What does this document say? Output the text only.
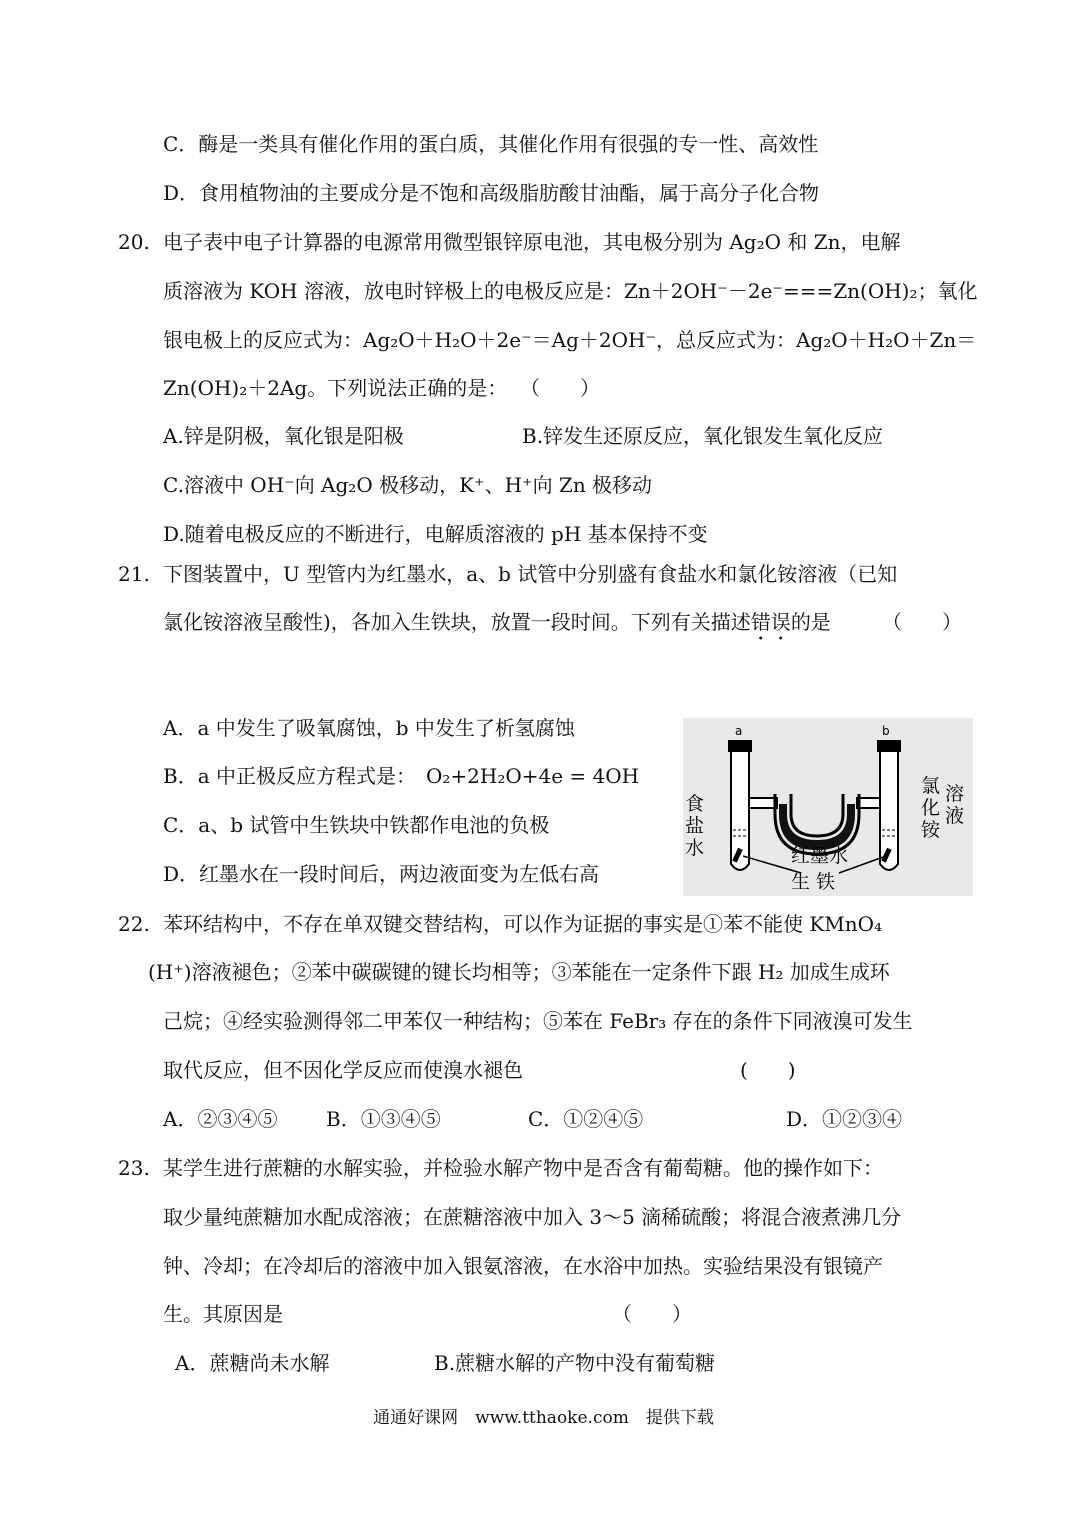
C．酶是一类具有催化作用的蛋白质，其催化作用有很强的专一性、高效性
D．食用植物油的主要成分是不饱和高级脂肪酸甘油酯，属于高分子化合物
20. 电子表中电子计算器的电源常用微型银锌原电池，其电极分别为 Ag₂O 和 Zn，电解
质溶液为 KOH 溶液，放电时锌极上的电极反应是：Zn＋2OH⁻－2e⁻===Zn(OH)₂；氧化
银电极上的反应式为：Ag₂O＋H₂O＋2e⁻＝Ag＋2OH⁻，总反应式为：Ag₂O＋H₂O＋Zn＝
Zn(OH)₂＋2Ag。下列说法正确的是： （　　）
A.锌是阴极，氧化银是阳极	B.锌发生还原反应，氧化银发生氧化反应
C.溶液中 OH⁻向 Ag₂O 极移动，K⁺、H⁺向 Zn 极移动
D.随着电极反应的不断进行，电解质溶液的 pH 基本保持不变
21. 下图装置中，U 型管内为红墨水，a、b 试管中分别盛有食盐水和氯化铵溶液（已知
氯化铵溶液呈酸性)，各加入生铁块，放置一段时间。下列有关描述错误的是	（　　）
A．a 中发生了吸氧腐蚀，b 中发生了析氢腐蚀
B．a 中正极反应方程式是：　O₂+2H₂O+4e = 4OH
C．a、b 试管中生铁块中铁都作电池的负极
D．红墨水在一段时间后，两边液面变为左低右高
a	b
食
盐
水
氯
化
铵
溶
液
红墨水
生 铁
22. 苯环结构中，不存在单双键交替结构，可以作为证据的事实是①苯不能使 KMnO₄
(H⁺)溶液褪色；②苯中碳碳键的键长均相等；③苯能在一定条件下跟 H₂ 加成生成环
己烷；④经实验测得邻二甲苯仅一种结构；⑤苯在 FeBr₃ 存在的条件下同液溴可发生
取代反应，但不因化学反应而使溴水褪色	(　　)
A．②③④⑤ B．①③④⑤	C．①②④⑤	D．①②③④
23. 某学生进行蔗糖的水解实验，并检验水解产物中是否含有葡萄糖。他的操作如下：
取少量纯蔗糖加水配成溶液；在蔗糖溶液中加入 3～5 滴稀硫酸；将混合液煮沸几分
钟、冷却；在冷却后的溶液中加入银氨溶液，在水浴中加热。实验结果没有银镜产
生。其原因是	（　　）
A．蔗糖尚未水解	B.蔗糖水解的产物中没有葡萄糖
通通好课网　www.tthaoke.com　提供下载
